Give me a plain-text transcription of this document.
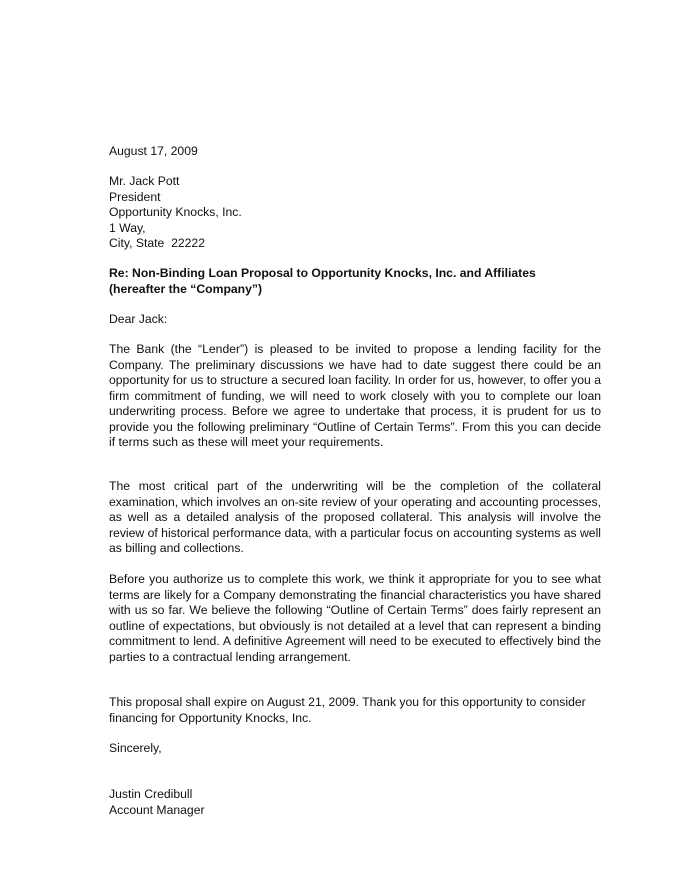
August 17, 2009
Mr. Jack Pott
President
Opportunity Knocks, Inc.
1 Way,
City, State  22222
Re: Non-Binding Loan Proposal to Opportunity Knocks, Inc. and Affiliates
(hereafter the “Company”)
Dear Jack:

The Bank (the “Lender”) is pleased to be invited to propose a lending facility for the Company. The preliminary discussions we have had to date suggest there could be an opportunity for us to structure a secured loan facility. In order for us, however, to offer you a firm commitment of funding, we will need to work closely with you to complete our loan underwriting process. Before we agree to undertake that process, it is prudent for us to provide you the following preliminary “Outline of Certain Terms”. From this you can decide if terms such as these will meet your requirements.

The most critical part of the underwriting will be the completion of the collateral examination, which involves an on-site review of your operating and accounting processes, as well as a detailed analysis of the proposed collateral. This analysis will involve the review of historical performance data, with a particular focus on accounting systems as well as billing and collections.

Before you authorize us to complete this work, we think it appropriate for you to see what terms are likely for a Company demonstrating the financial characteristics you have shared with us so far. We believe the following “Outline of Certain Terms” does fairly represent an outline of expectations, but obviously is not detailed at a level that can represent a binding commitment to lend. A definitive Agreement will need to be executed to effectively bind the parties to a contractual lending arrangement.

This proposal shall expire on August 21, 2009. Thank you for this opportunity to consider financing for Opportunity Knocks, Inc.

Sincerely,
Justin Credibull
Account Manager
